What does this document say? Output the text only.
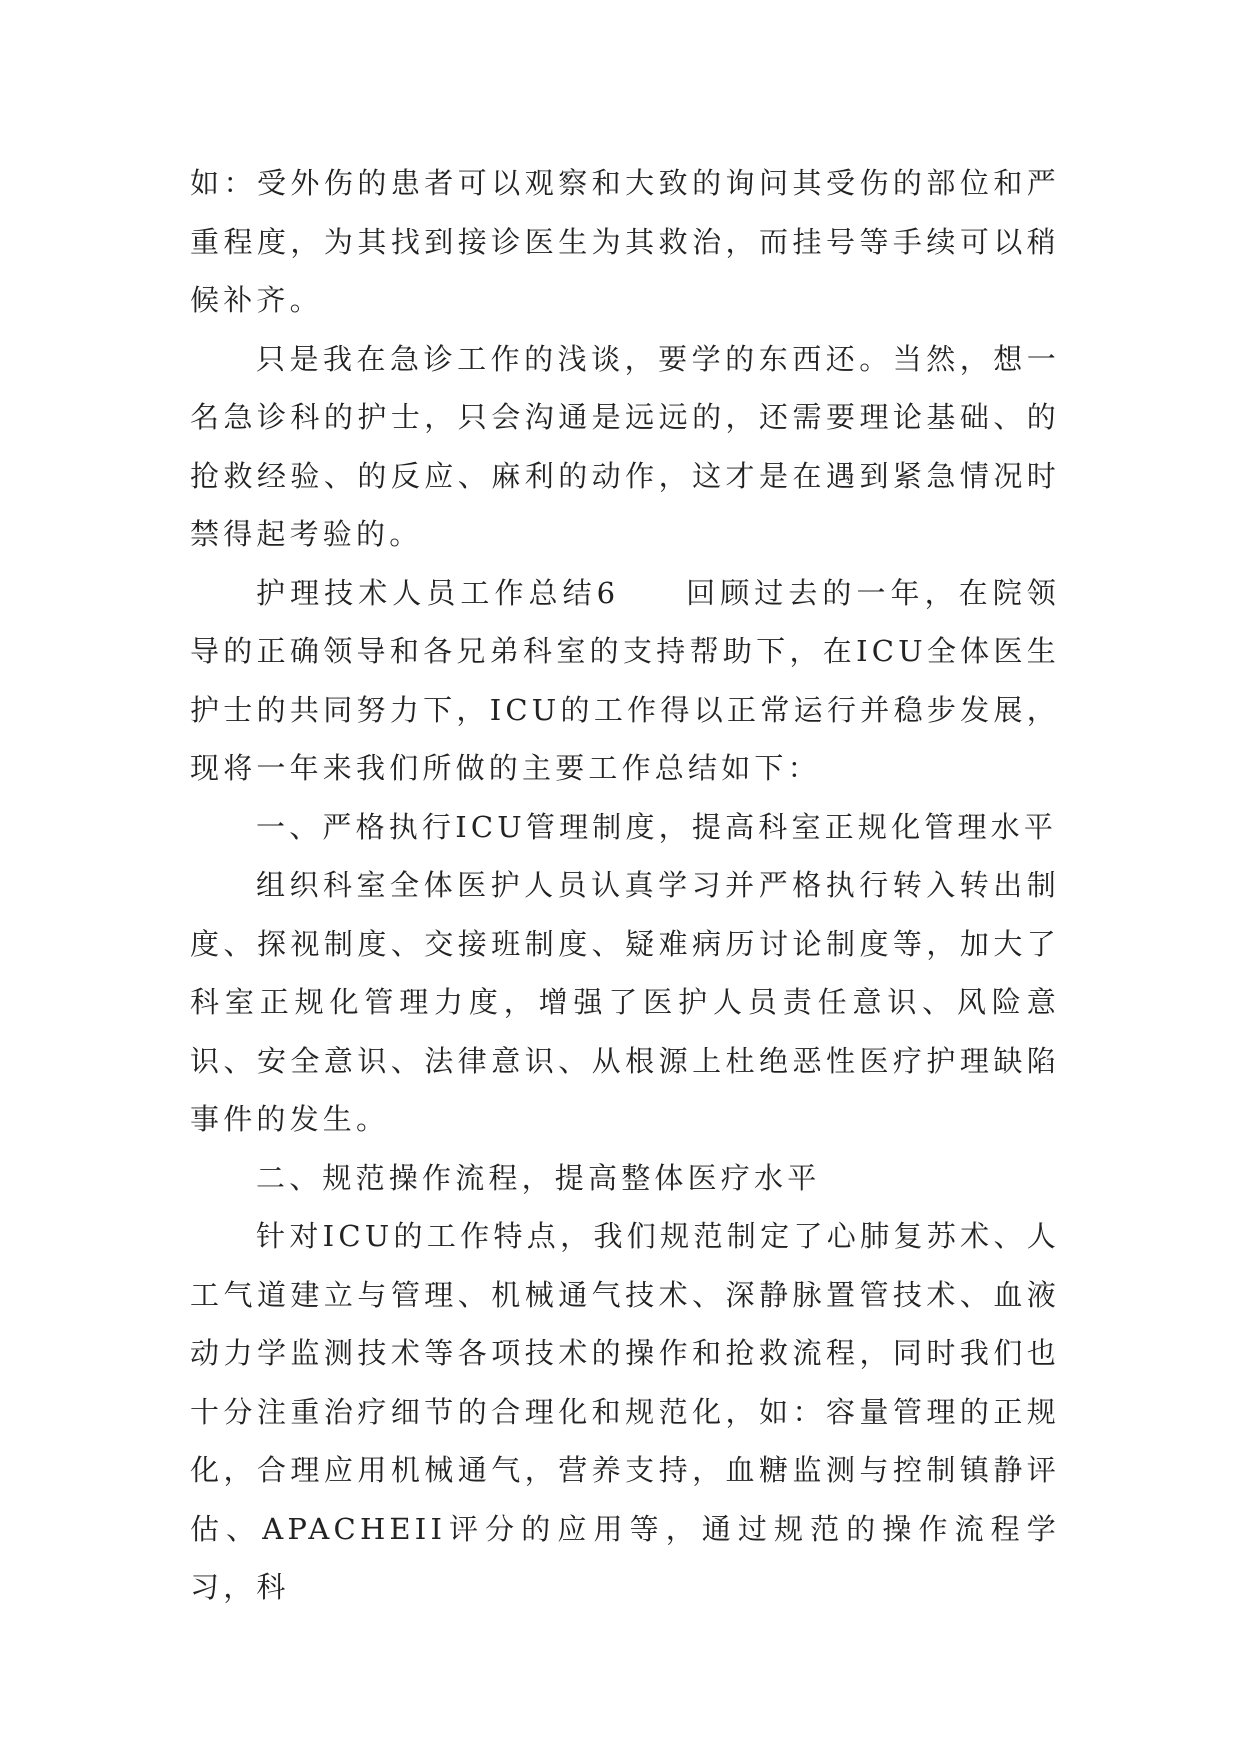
如：受外伤的患者可以观察和大致的询问其受伤的部位和严重程度，为其找到接诊医生为其救治，而挂号等手续可以稍候补齐。

只是我在急诊工作的浅谈，要学的东西还。当然，想一名急诊科的护士，只会沟通是远远的，还需要理论基础、的抢救经验、的反应、麻利的动作，这才是在遇到紧急情况时禁得起考验的。

护理技术人员工作总结6 回顾过去的一年，在院领导的正确领导和各兄弟科室的支持帮助下，在ICU全体医生护士的共同努力下，ICU的工作得以正常运行并稳步发展，现将一年来我们所做的主要工作总结如下：

一、严格执行ICU管理制度，提高科室正规化管理水平

组织科室全体医护人员认真学习并严格执行转入转出制度、探视制度、交接班制度、疑难病历讨论制度等，加大了科室正规化管理力度，增强了医护人员责任意识、风险意识、安全意识、法律意识、从根源上杜绝恶性医疗护理缺陷事件的发生。

二、规范操作流程，提高整体医疗水平

针对ICU的工作特点，我们规范制定了心肺复苏术、人工气道建立与管理、机械通气技术、深静脉置管技术、血液动力学监测技术等各项技术的操作和抢救流程，同时我们也十分注重治疗细节的合理化和规范化，如：容量管理的正规化，合理应用机械通气，营养支持，血糖监测与控制镇静评估、APACHEII评分的应用等，通过规范的操作流程学习，科
